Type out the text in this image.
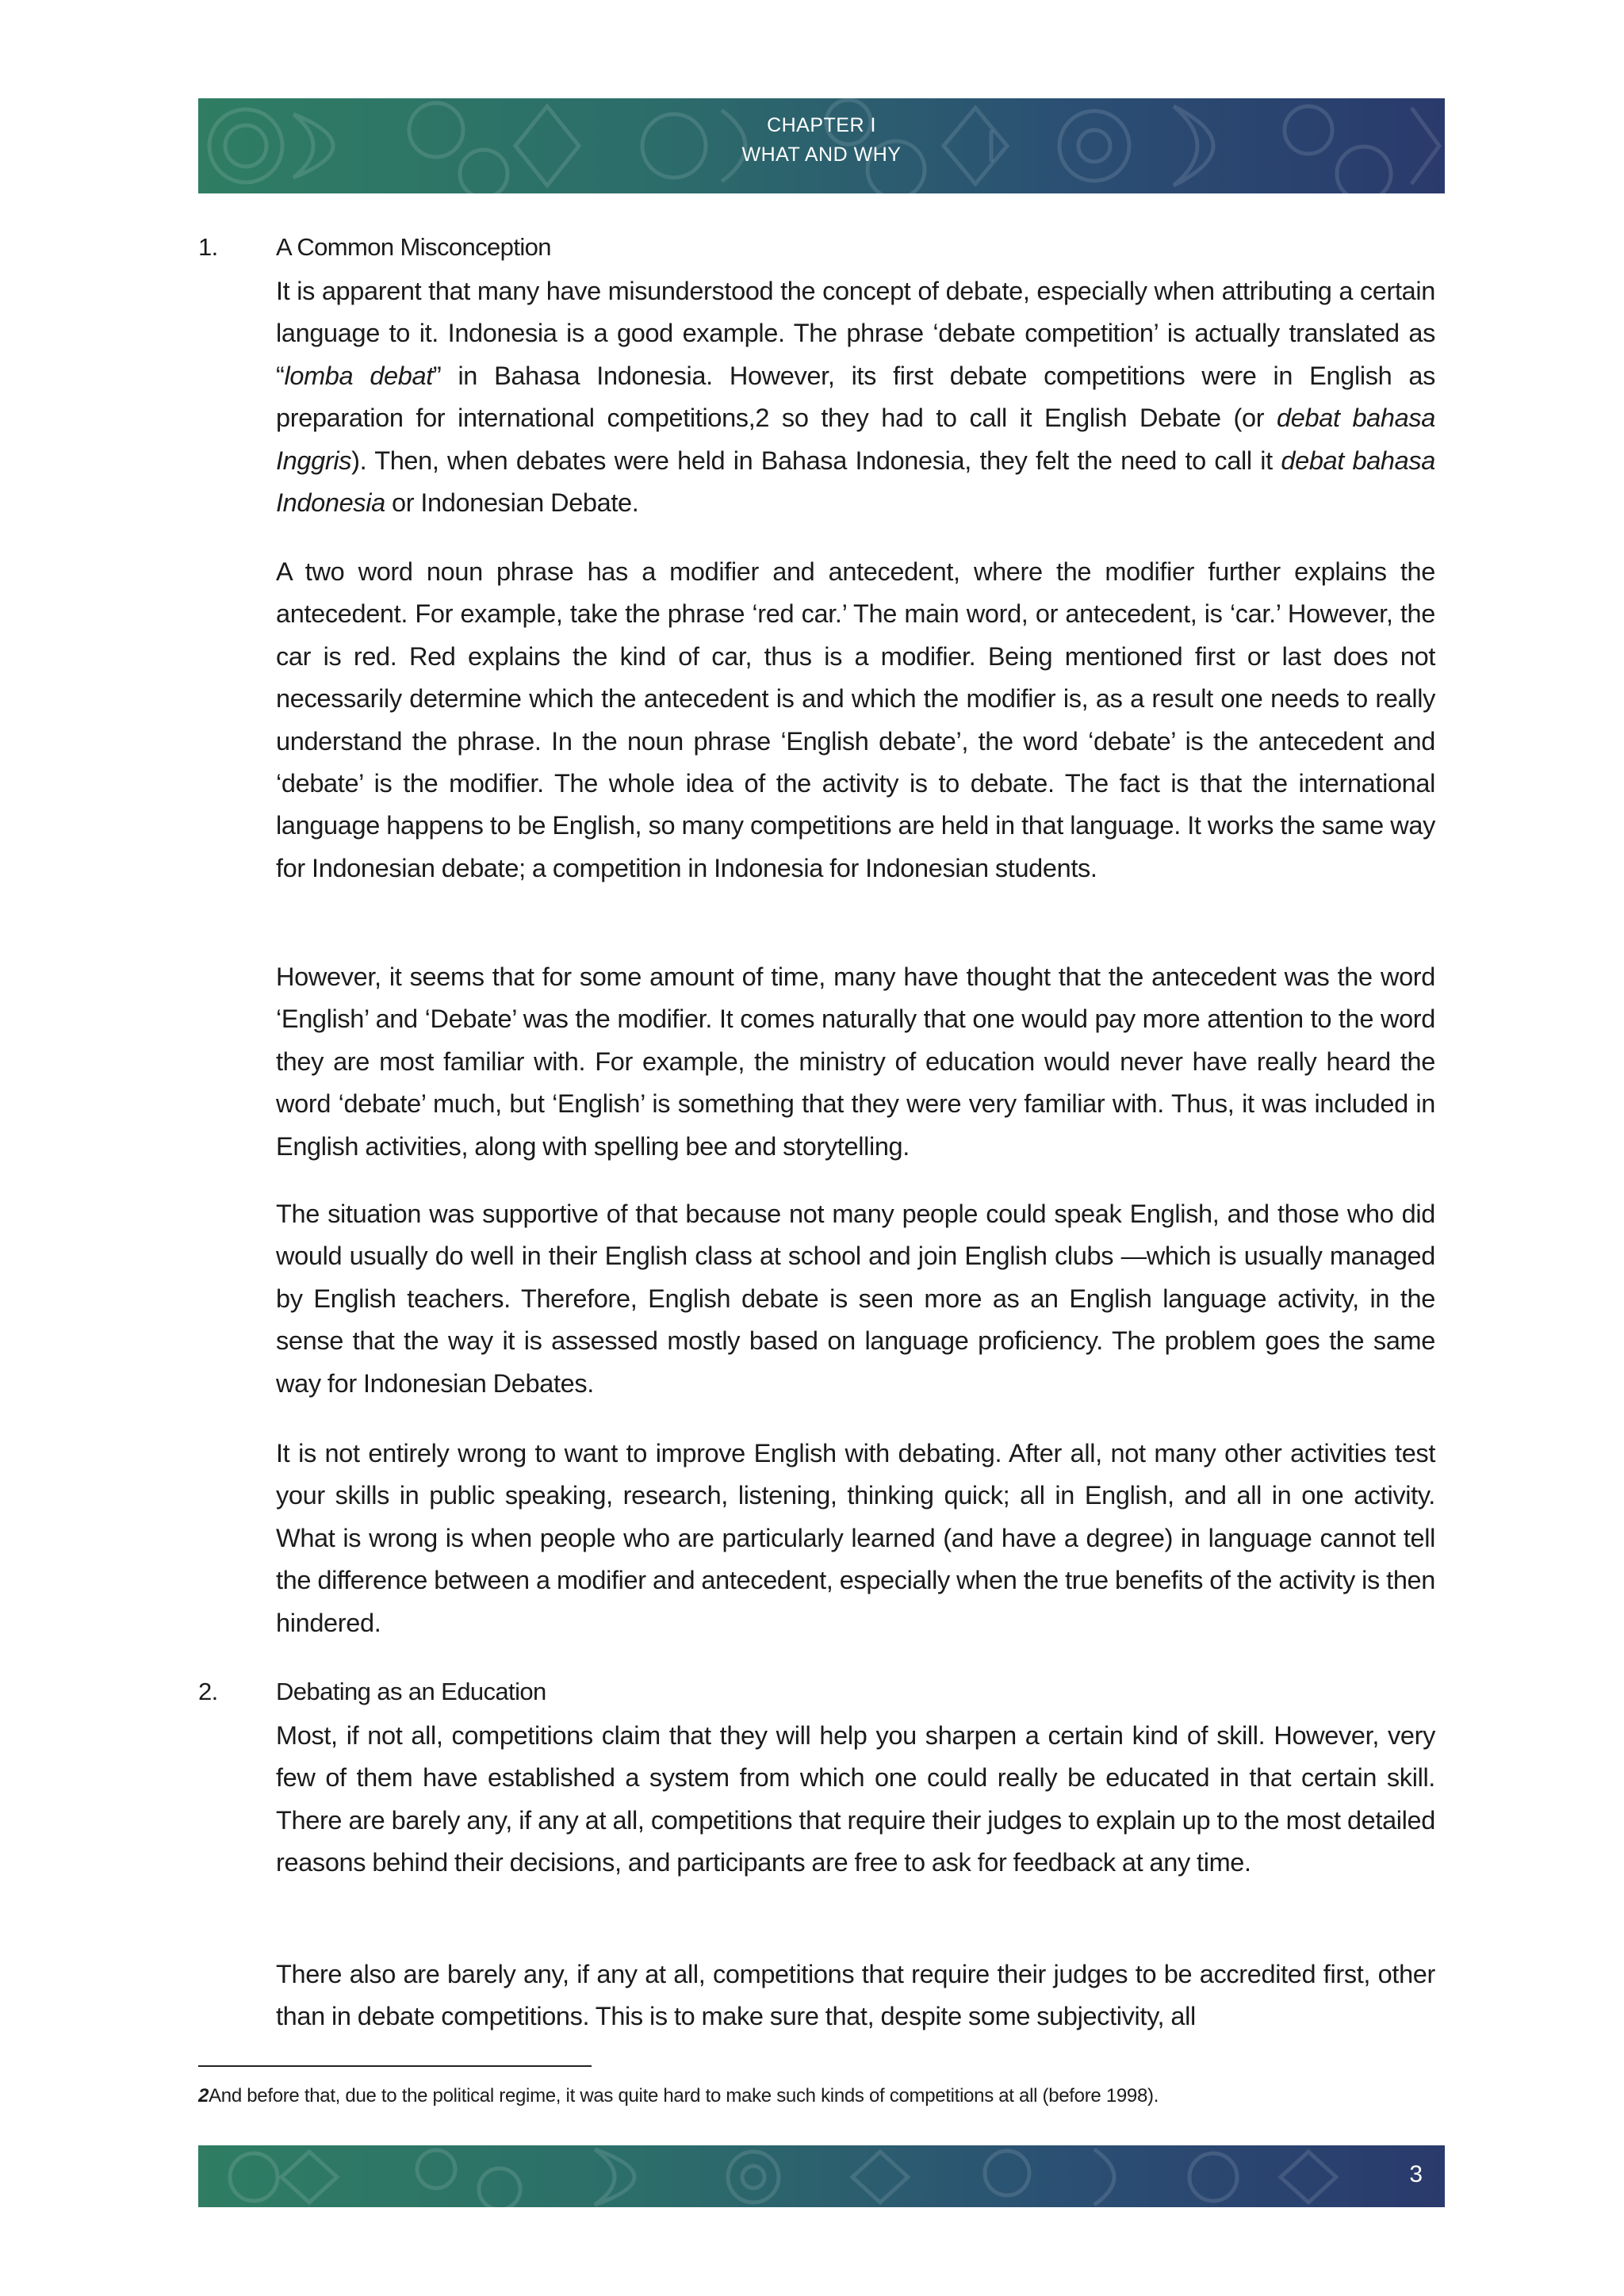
CHAPTER I
WHAT AND WHY
1. A Common Misconception

It is apparent that many have misunderstood the concept of debate, especially when attributing a certain language to it. Indonesia is a good example. The phrase ‘debate competition’ is actually translated as “lomba debat” in Bahasa Indonesia. However, its first debate competitions were in English as preparation for international competitions,2 so they had to call it English Debate (or debat bahasa Inggris). Then, when debates were held in Bahasa Indonesia, they felt the need to call it debat bahasa Indonesia or Indonesian Debate.

A two word noun phrase has a modifier and antecedent, where the modifier further explains the antecedent. For example, take the phrase ‘red car.’ The main word, or antecedent, is ‘car.’ However, the car is red. Red explains the kind of car, thus is a modifier. Being mentioned first or last does not necessarily determine which the antecedent is and which the modifier is, as a result one needs to really understand the phrase. In the noun phrase ‘English debate’, the word ‘debate’ is the antecedent and ‘debate’ is the modifier. The whole idea of the activity is to debate. The fact is that the international language happens to be English, so many competitions are held in that language. It works the same way for Indonesian debate; a competition in Indonesia for Indonesian students.

However, it seems that for some amount of time, many have thought that the antecedent was the word ‘English’ and ‘Debate’ was the modifier. It comes naturally that one would pay more attention to the word they are most familiar with. For example, the ministry of education would never have really heard the word ‘debate’ much, but ‘English’ is something that they were very familiar with. Thus, it was included in English activities, along with spelling bee and storytelling.

The situation was supportive of that because not many people could speak English, and those who did would usually do well in their English class at school and join English clubs —which is usually managed by English teachers. Therefore, English debate is seen more as an English language activity, in the sense that the way it is assessed mostly based on language proficiency. The problem goes the same way for Indonesian Debates.

It is not entirely wrong to want to improve English with debating. After all, not many other activities test your skills in public speaking, research, listening, thinking quick; all in English, and all in one activity. What is wrong is when people who are particularly learned (and have a degree) in language cannot tell the difference between a modifier and antecedent, especially when the true benefits of the activity is then hindered.

2. Debating as an Education

Most, if not all, competitions claim that they will help you sharpen a certain kind of skill. However, very few of them have established a system from which one could really be educated in that certain skill. There are barely any, if any at all, competitions that require their judges to explain up to the most detailed reasons behind their decisions, and participants are free to ask for feedback at any time.

There also are barely any, if any at all, competitions that require their judges to be accredited first, other than in debate competitions. This is to make sure that, despite some subjectivity, all

2And before that, due to the political regime, it was quite hard to make such kinds of competitions at all (before 1998).
3
